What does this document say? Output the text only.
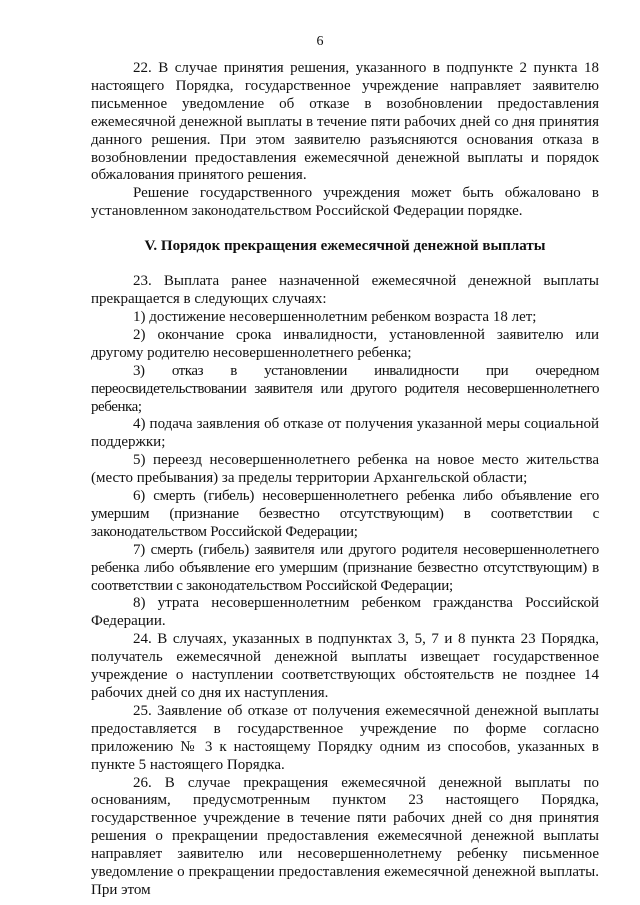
6

22. В случае принятия решения, указанного в подпункте 2 пункта 18 настоящего Порядка, государственное учреждение направляет заявителю письменное уведомление об отказе в возобновлении предоставления ежемесячной денежной выплаты в течение пяти рабочих дней со дня принятия данного решения. При этом заявителю разъясняются основания отказа в возобновлении предоставления ежемесячной денежной выплаты и порядок обжалования принятого решения.

Решение государственного учреждения может быть обжаловано в установленном законодательством Российской Федерации порядке.

V. Порядок прекращения ежемесячной денежной выплаты

23. Выплата ранее назначенной ежемесячной денежной выплаты прекращается в следующих случаях:

1) достижение несовершеннолетним ребенком возраста 18 лет;

2) окончание срока инвалидности, установленной заявителю или другому родителю несовершеннолетнего ребенка;

3) отказ в установлении инвалидности при очередном переосвидетельствовании заявителя или другого родителя несовершеннолетнего ребенка;

4) подача заявления об отказе от получения указанной меры социальной поддержки;

5) переезд несовершеннолетнего ребенка на новое место жительства (место пребывания) за пределы территории Архангельской области;

6) смерть (гибель) несовершеннолетнего ребенка либо объявление его умершим (признание безвестно отсутствующим) в соответствии с законодательством Российской Федерации;

7) смерть (гибель) заявителя или другого родителя несовершеннолетнего ребенка либо объявление его умершим (признание безвестно отсутствующим) в соответствии с законодательством Российской Федерации;

8) утрата несовершеннолетним ребенком гражданства Российской Федерации.

24. В случаях, указанных в подпунктах 3, 5, 7 и 8 пункта 23 Порядка, получатель ежемесячной денежной выплаты извещает государственное учреждение о наступлении соответствующих обстоятельств не позднее 14 рабочих дней со дня их наступления.

25. Заявление об отказе от получения ежемесячной денежной выплаты предоставляется в государственное учреждение по форме согласно приложению № 3 к настоящему Порядку одним из способов, указанных в пункте 5 настоящего Порядка.

26. В случае прекращения ежемесячной денежной выплаты по основаниям, предусмотренным пунктом 23 настоящего Порядка, государственное учреждение в течение пяти рабочих дней со дня принятия решения о прекращении предоставления ежемесячной денежной выплаты направляет заявителю или несовершеннолетнему ребенку письменное уведомление о прекращении предоставления ежемесячной денежной выплаты. При этом
